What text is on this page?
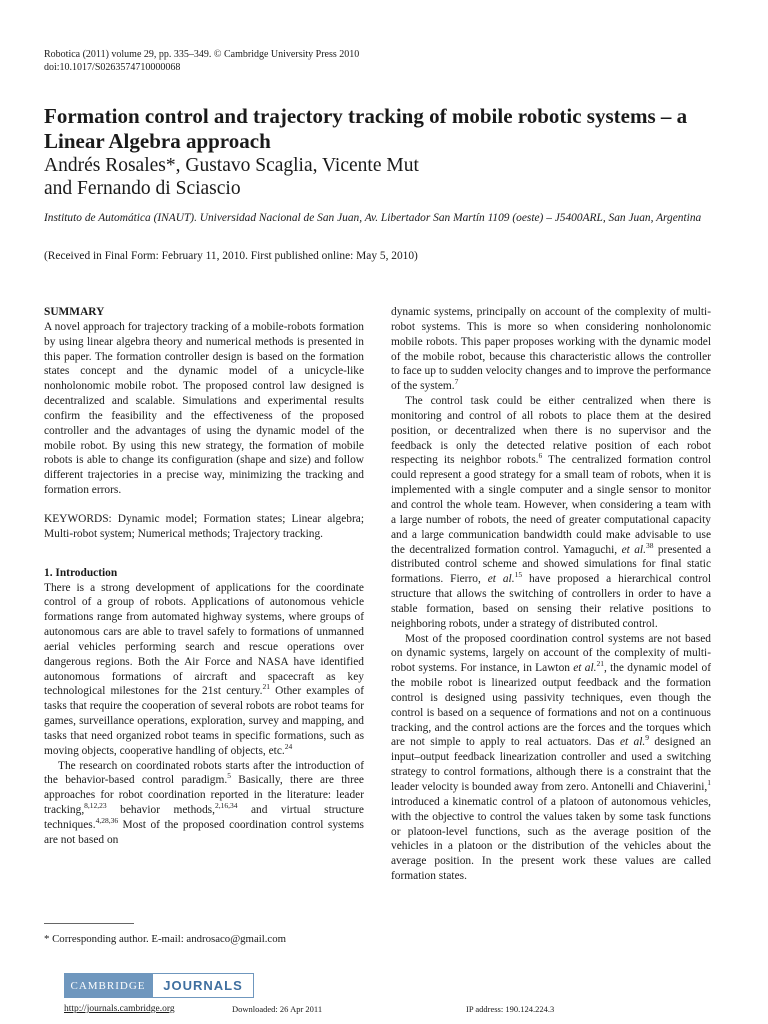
Robotica (2011) volume 29, pp. 335–349. © Cambridge University Press 2010
doi:10.1017/S0263574710000068
Formation control and trajectory tracking of mobile robotic systems – a Linear Algebra approach
Andrés Rosales*, Gustavo Scaglia, Vicente Mut
and Fernando di Sciascio
Instituto de Automática (INAUT). Universidad Nacional de San Juan, Av. Libertador San Martín 1109 (oeste) – J5400ARL, San Juan, Argentina
(Received in Final Form: February 11, 2010. First published online: May 5, 2010)

SUMMARY

A novel approach for trajectory tracking of a mobile-robots formation by using linear algebra theory and numerical methods is presented in this paper. The formation controller design is based on the formation states concept and the dynamic model of a unicycle-like nonholonomic mobile robot. The proposed control law designed is decentralized and scalable. Simulations and experimental results confirm the feasibility and the effectiveness of the proposed controller and the advantages of using the dynamic model of the mobile robot. By using this new strategy, the formation of mobile robots is able to change its configuration (shape and size) and follow different trajectories in a precise way, minimizing the tracking and formation errors.

KEYWORDS: Dynamic model; Formation states; Linear algebra; Multi-robot system; Numerical methods; Trajectory tracking.

1. Introduction

There is a strong development of applications for the coordinate control of a group of robots. Applications of autonomous vehicle formations range from automated highway systems, where groups of autonomous cars are able to travel safely to formations of unmanned aerial vehicles performing search and rescue operations over dangerous regions. Both the Air Force and NASA have identified autonomous formations of aircraft and spacecraft as key technological milestones for the 21st century.$^{21}$ Other examples of tasks that require the cooperation of several robots are robot teams for games, surveillance operations, exploration, survey and mapping, and tasks that need organized robot teams in specific formations, such as moving objects, cooperative handling of objects, etc.$^{24}$

The research on coordinated robots starts after the introduction of the behavior-based control paradigm.$^5$ Basically, there are three approaches for robot coordination reported in the literature: leader tracking,$^{8,12,23}$ behavior methods,$^{2,16,34}$ and virtual structure techniques.$^{4,28,36}$ Most of the proposed coordination control systems are not based on

dynamic systems, principally on account of the complexity of multi-robot systems. This is more so when considering nonholonomic mobile robots. This paper proposes working with the dynamic model of the mobile robot, because this characteristic allows the controller to face up to sudden velocity changes and to improve the performance of the system.$^7$

The control task could be either centralized when there is monitoring and control of all robots to place them at the desired position, or decentralized when there is no supervisor and the feedback is only the detected relative position of each robot respecting its neighbor robots.$^6$ The centralized formation control could represent a good strategy for a small team of robots, when it is implemented with a single computer and a single sensor to monitor and control the whole team. However, when considering a team with a large number of robots, the need of greater computational capacity and a large communication bandwidth could make advisable to use the decentralized formation control. Yamaguchi, et al.$^{38}$ presented a distributed control scheme and showed simulations for final static formations. Fierro, et al.$^{15}$ have proposed a hierarchical control structure that allows the switching of controllers in order to have a stable formation, based on sensing their relative positions to neighboring robots, under a strategy of distributed control.

Most of the proposed coordination control systems are not based on dynamic systems, largely on account of the complexity of multi-robot systems. For instance, in Lawton et al.$^{21}$, the dynamic model of the mobile robot is linearized output feedback and the formation control is designed using passivity techniques, even though the control is based on a sequence of formations and not on a continuous tracking, and the control actions are the forces and the torques which are not simple to apply to real actuators. Das et al.$^9$ designed an input–output feedback linearization controller and used a switching strategy to control formations, although there is a constraint that the leader velocity is bounded away from zero. Antonelli and Chiaverini,$^1$ introduced a kinematic control of a platoon of autonomous vehicles, with the objective to control the values taken by some task functions or platoon-level functions, such as the average position of the vehicles in a platoon or the distribution of the vehicles about the average position. In the present work these values are called formation states.

* Corresponding author. E-mail: androsaco@gmail.com
CAMBRIDGE	JOURNALS
http://journals.cambridge.org	Downloaded: 26 Apr 2011	IP address: 190.124.224.3
